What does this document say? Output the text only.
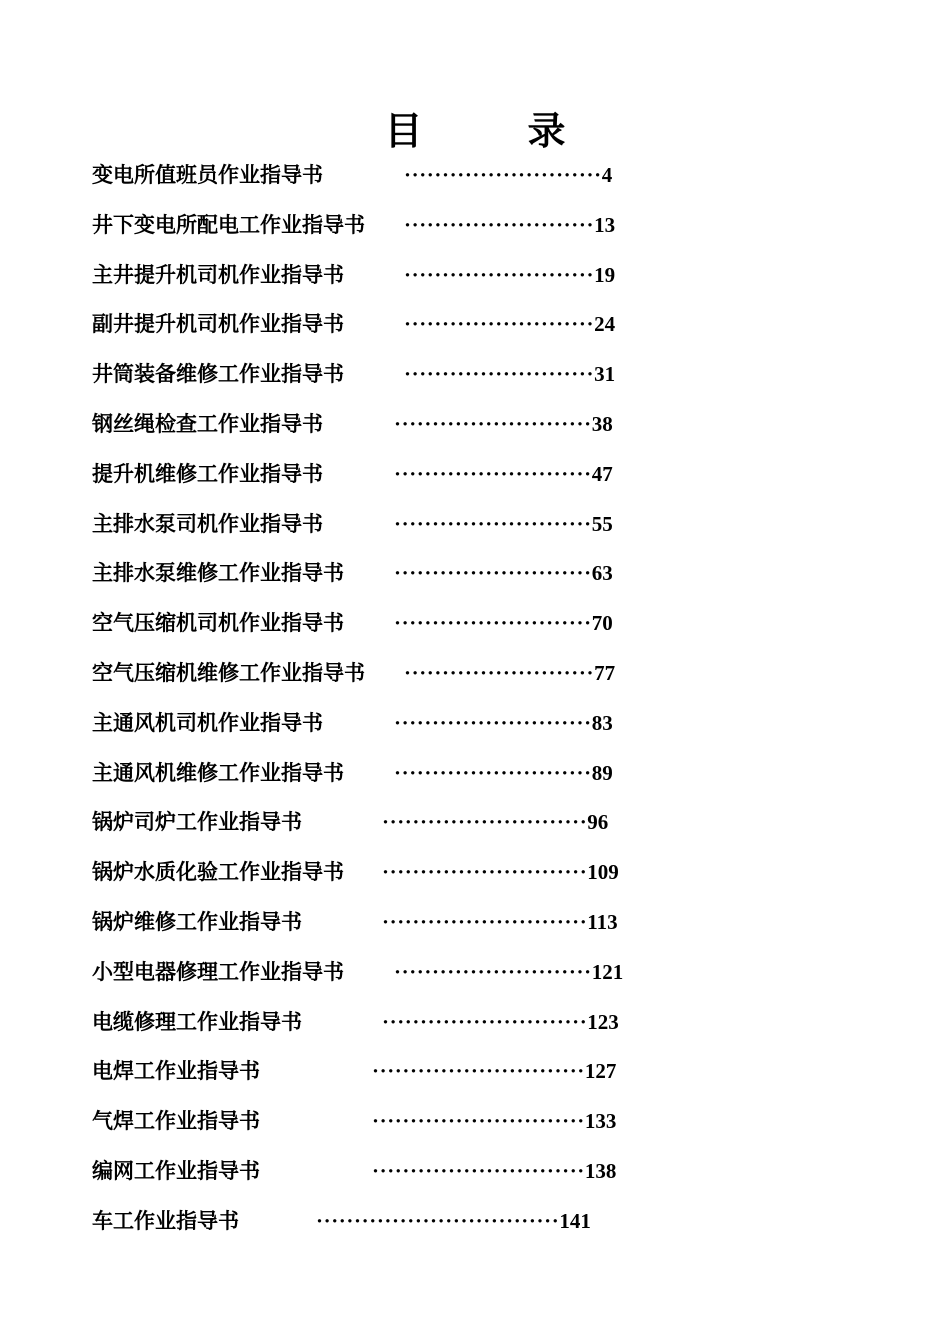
目	录
变电所值班员作业指导书	··························4
井下变电所配电工作业指导书 ·························13
主井提升机司机作业指导书	·························19
副井提升机司机作业指导书	·························24
井筒装备维修工作业指导书	·························31
钢丝绳检查工作业指导书	··························38
提升机维修工作业指导书	··························47
主排水泵司机作业指导书	··························55
主排水泵维修工作业指导书 ··························63
空气压缩机司机作业指导书 ··························70
空气压缩机维修工作业指导书 ·························77
主通风机司机作业指导书	··························83
主通风机维修工作业指导书 ··························89
锅炉司炉工作业指导书	···························96
锅炉水质化验工作业指导书 ···························109
锅炉维修工作业指导书	···························113
小型电器修理工作业指导书 ··························121
电缆修理工作业指导书	···························123
电焊工作业指导书	····························127
气焊工作业指导书	····························133
编网工作业指导书	····························138
车工作业指导书	································141
